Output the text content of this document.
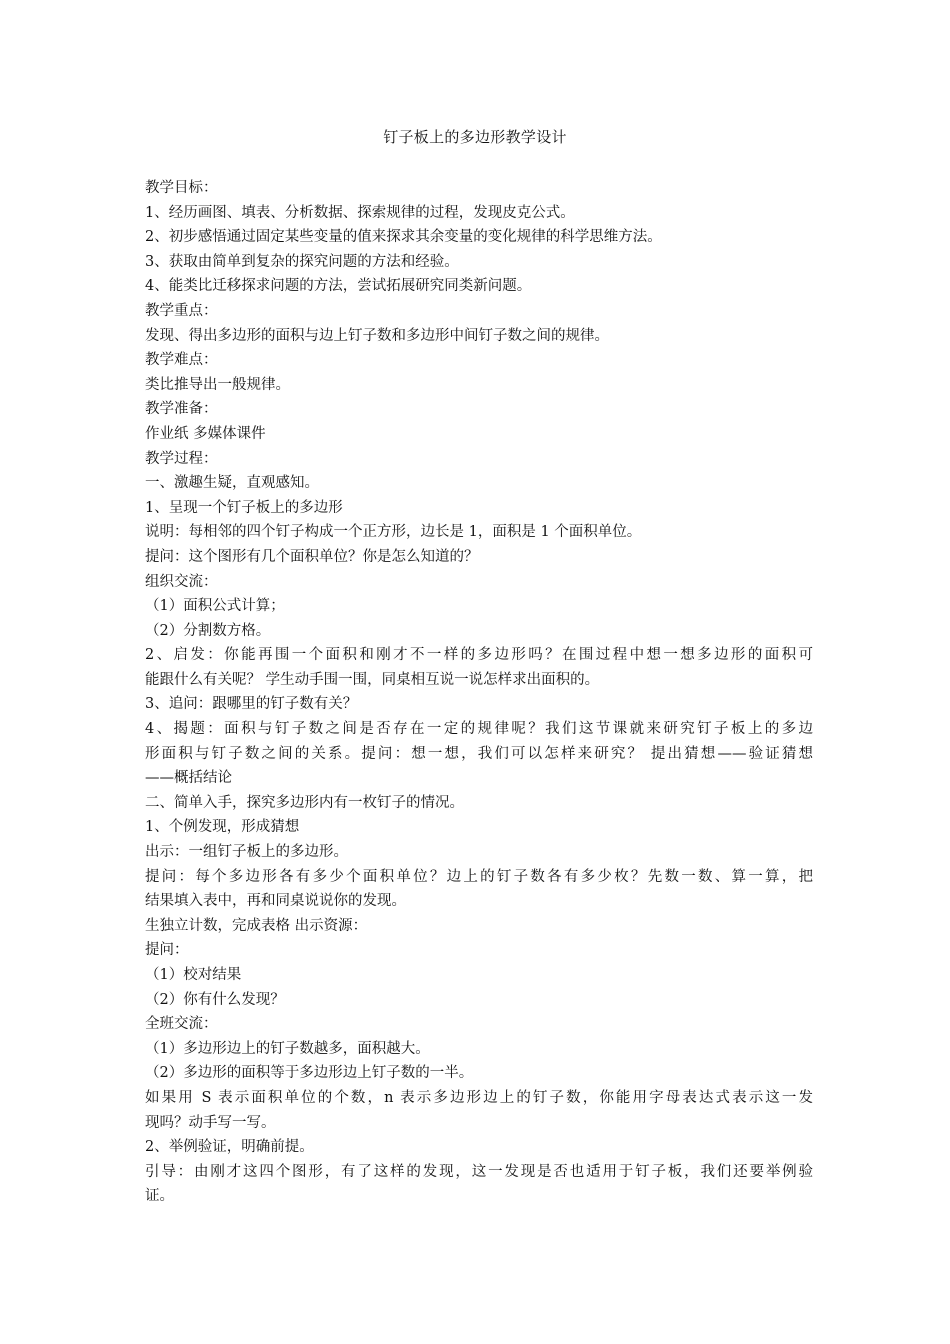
钉子板上的多边形教学设计
教学目标：
1、经历画图、填表、分析数据、探索规律的过程，发现皮克公式。
2、初步感悟通过固定某些变量的值来探求其余变量的变化规律的科学思维方法。
3、获取由简单到复杂的探究问题的方法和经验。
4、能类比迁移探求问题的方法，尝试拓展研究同类新问题。
教学重点：
发现、得出多边形的面积与边上钉子数和多边形中间钉子数之间的规律。
教学难点：
类比推导出一般规律。
教学准备：
作业纸 多媒体课件
教学过程：
一、激趣生疑，直观感知。
1、呈现一个钉子板上的多边形
说明：每相邻的四个钉子构成一个正方形，边长是 1，面积是 1 个面积单位。
提问：这个图形有几个面积单位？你是怎么知道的？
组织交流：
（1）面积公式计算；
（2）分割数方格。
2、启发：你能再围一个面积和刚才不一样的多边形吗？在围过程中想一想多边形的面积可
能跟什么有关呢？ 学生动手围一围，同桌相互说一说怎样求出面积的。
3、追问：跟哪里的钉子数有关？
4、揭题：面积与钉子数之间是否存在一定的规律呢？我们这节课就来研究钉子板上的多边
形面积与钉子数之间的关系。提问：想一想，我们可以怎样来研究？ 提出猜想——验证猜想
——概括结论
二、简单入手，探究多边形内有一枚钉子的情况。
1、个例发现，形成猜想
出示：一组钉子板上的多边形。
提问：每个多边形各有多少个面积单位？边上的钉子数各有多少枚？先数一数、算一算，把
结果填入表中，再和同桌说说你的发现。
生独立计数，完成表格 出示资源：
提问：
（1）校对结果
（2）你有什么发现？
全班交流：
（1）多边形边上的钉子数越多，面积越大。
（2）多边形的面积等于多边形边上钉子数的一半。
如果用 S 表示面积单位的个数，n 表示多边形边上的钉子数，你能用字母表达式表示这一发
现吗？动手写一写。
2、举例验证，明确前提。
引导：由刚才这四个图形，有了这样的发现，这一发现是否也适用于钉子板，我们还要举例验
证。
